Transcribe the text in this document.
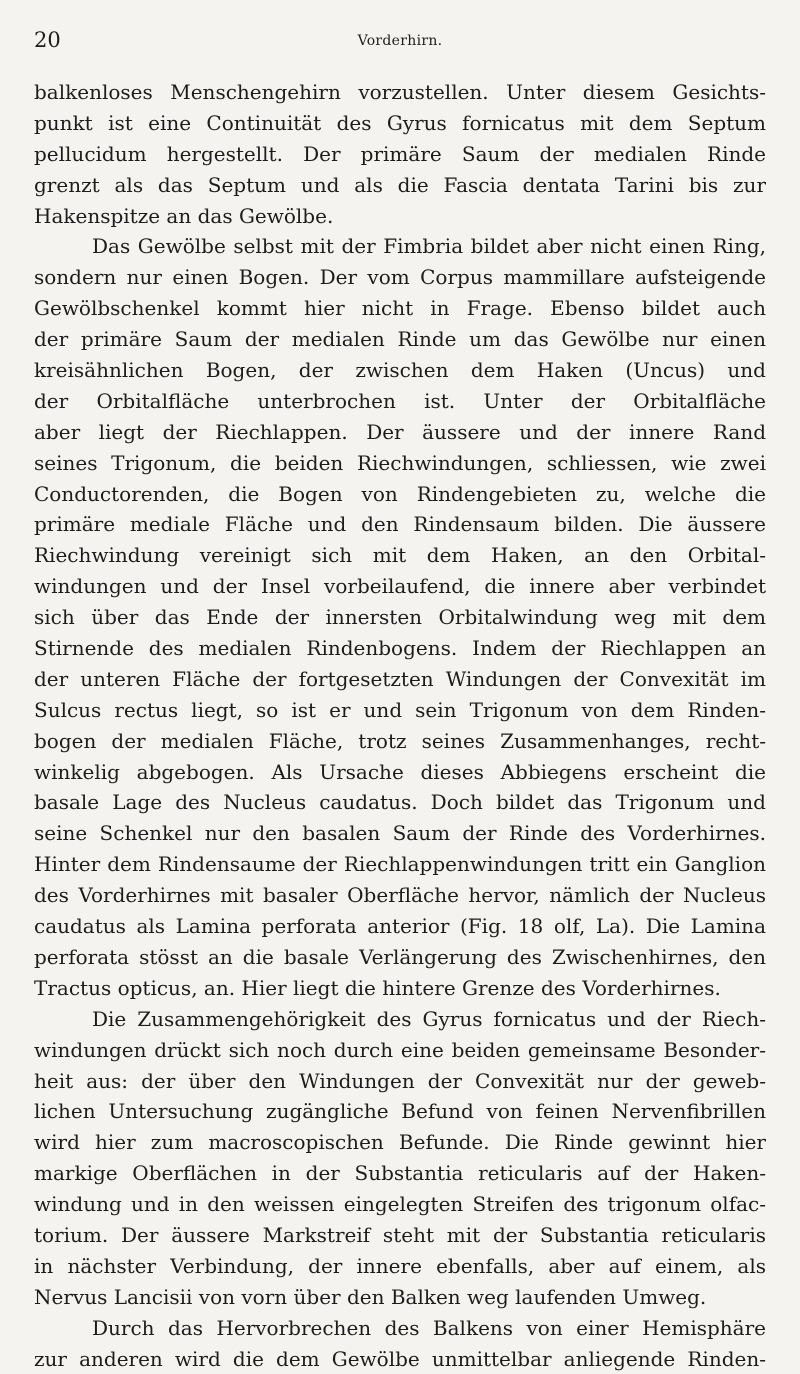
20	Vorderhirn.
balkenloses Menschengehirn vorzustellen. Unter diesem Gesichts-
punkt ist eine Continuität des Gyrus fornicatus mit dem Septum
pellucidum hergestellt. Der primäre Saum der medialen Rinde
grenzt als das Septum und als die Fascia dentata Tarini bis zur
Hakenspitze an das Gewölbe.
Das Gewölbe selbst mit der Fimbria bildet aber nicht einen Ring,
sondern nur einen Bogen. Der vom Corpus mammillare aufsteigende
Gewölbschenkel kommt hier nicht in Frage. Ebenso bildet auch
der primäre Saum der medialen Rinde um das Gewölbe nur einen
kreisähnlichen Bogen, der zwischen dem Haken (Uncus) und
der Orbitalfläche unterbrochen ist. Unter der Orbitalfläche
aber liegt der Riechlappen. Der äussere und der innere Rand
seines Trigonum, die beiden Riechwindungen, schliessen, wie zwei
Conductorenden, die Bogen von Rindengebieten zu, welche die
primäre mediale Fläche und den Rindensaum bilden. Die äussere
Riechwindung vereinigt sich mit dem Haken, an den Orbital-
windungen und der Insel vorbeilaufend, die innere aber verbindet
sich über das Ende der innersten Orbitalwindung weg mit dem
Stirnende des medialen Rindenbogens. Indem der Riechlappen an
der unteren Fläche der fortgesetzten Windungen der Convexität im
Sulcus rectus liegt, so ist er und sein Trigonum von dem Rinden-
bogen der medialen Fläche, trotz seines Zusammenhanges, recht-
winkelig abgebogen. Als Ursache dieses Abbiegens erscheint die
basale Lage des Nucleus caudatus. Doch bildet das Trigonum und
seine Schenkel nur den basalen Saum der Rinde des Vorderhirnes.
Hinter dem Rindensaume der Riechlappenwindungen tritt ein Ganglion
des Vorderhirnes mit basaler Oberfläche hervor, nämlich der Nucleus
caudatus als Lamina perforata anterior (Fig. 18 olf, La). Die Lamina
perforata stösst an die basale Verlängerung des Zwischenhirnes, den
Tractus opticus, an. Hier liegt die hintere Grenze des Vorderhirnes.
Die Zusammengehörigkeit des Gyrus fornicatus und der Riech-
windungen drückt sich noch durch eine beiden gemeinsame Besonder-
heit aus: der über den Windungen der Convexität nur der geweb-
lichen Untersuchung zugängliche Befund von feinen Nervenfibrillen
wird hier zum macroscopischen Befunde. Die Rinde gewinnt hier
markige Oberflächen in der Substantia reticularis auf der Haken-
windung und in den weissen eingelegten Streifen des trigonum olfac-
torium. Der äussere Markstreif steht mit der Substantia reticularis
in nächster Verbindung, der innere ebenfalls, aber auf einem, als
Nervus Lancisii von vorn über den Balken weg laufenden Umweg.
Durch das Hervorbrechen des Balkens von einer Hemisphäre
zur anderen wird die dem Gewölbe unmittelbar anliegende Rinden-
